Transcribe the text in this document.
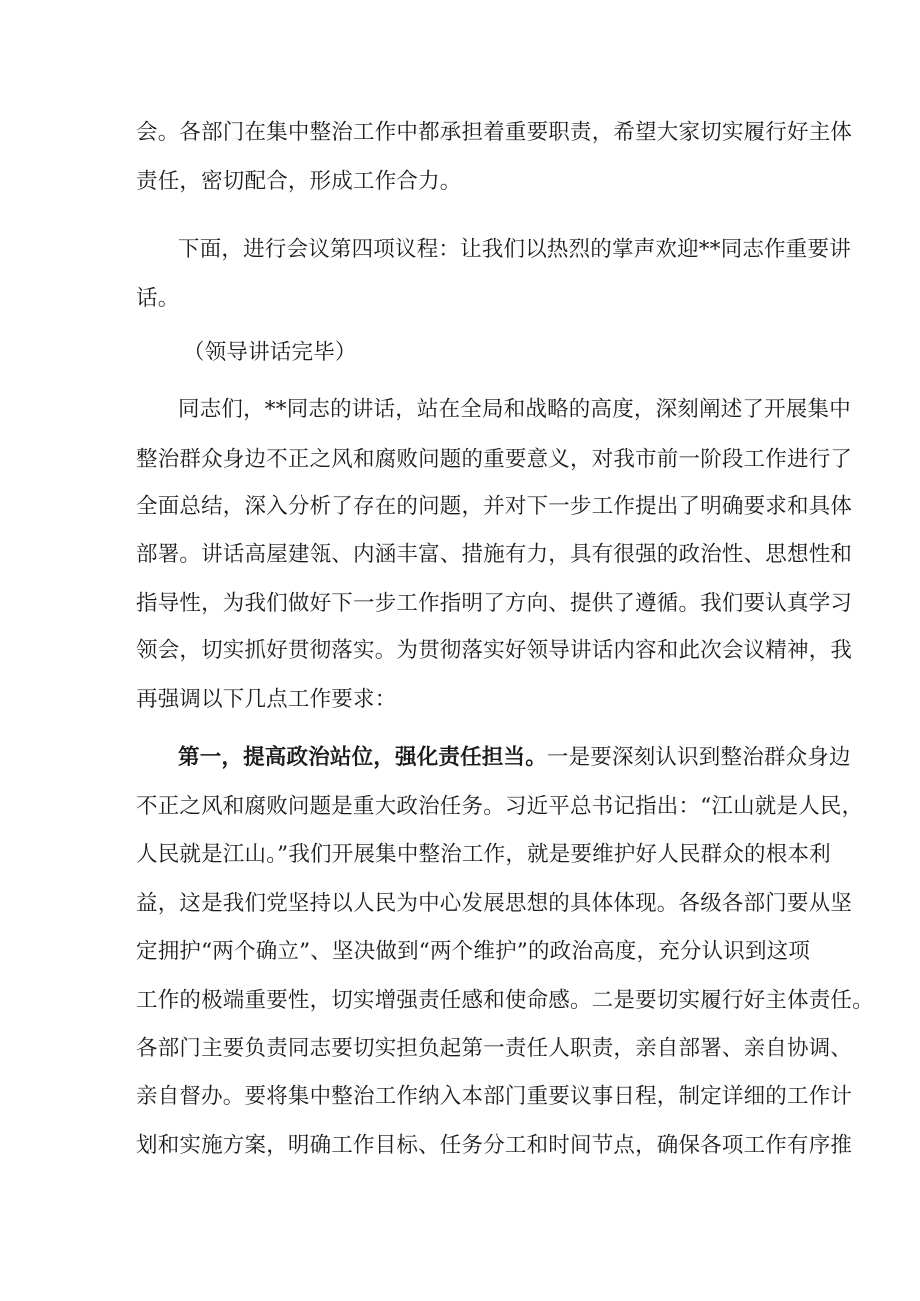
会。各部门在集中整治工作中都承担着重要职责，希望大家切实履行好主体
责任，密切配合，形成工作合力。
下面，进行会议第四项议程：让我们以热烈的掌声欢迎**同志作重要讲
话。
（领导讲话完毕）
同志们，**同志的讲话，站在全局和战略的高度，深刻阐述了开展集中
整治群众身边不正之风和腐败问题的重要意义，对我市前一阶段工作进行了
全面总结，深入分析了存在的问题，并对下一步工作提出了明确要求和具体
部署。讲话高屋建瓴、内涵丰富、措施有力，具有很强的政治性、思想性和
指导性，为我们做好下一步工作指明了方向、提供了遵循。我们要认真学习
领会，切实抓好贯彻落实。为贯彻落实好领导讲话内容和此次会议精神，我
再强调以下几点工作要求：
第一，提高政治站位，强化责任担当。一是要深刻认识到整治群众身边
不正之风和腐败问题是重大政治任务。习近平总书记指出：“江山就是人民，
人民就是江山。”我们开展集中整治工作，就是要维护好人民群众的根本利
益，这是我们党坚持以人民为中心发展思想的具体体现。各级各部门要从坚
定拥护“两个确立”、坚决做到“两个维护”的政治高度，充分认识到这项
工作的极端重要性，切实增强责任感和使命感。二是要切实履行好主体责任。
各部门主要负责同志要切实担负起第一责任人职责，亲自部署、亲自协调、
亲自督办。要将集中整治工作纳入本部门重要议事日程，制定详细的工作计
划和实施方案，明确工作目标、任务分工和时间节点，确保各项工作有序推
